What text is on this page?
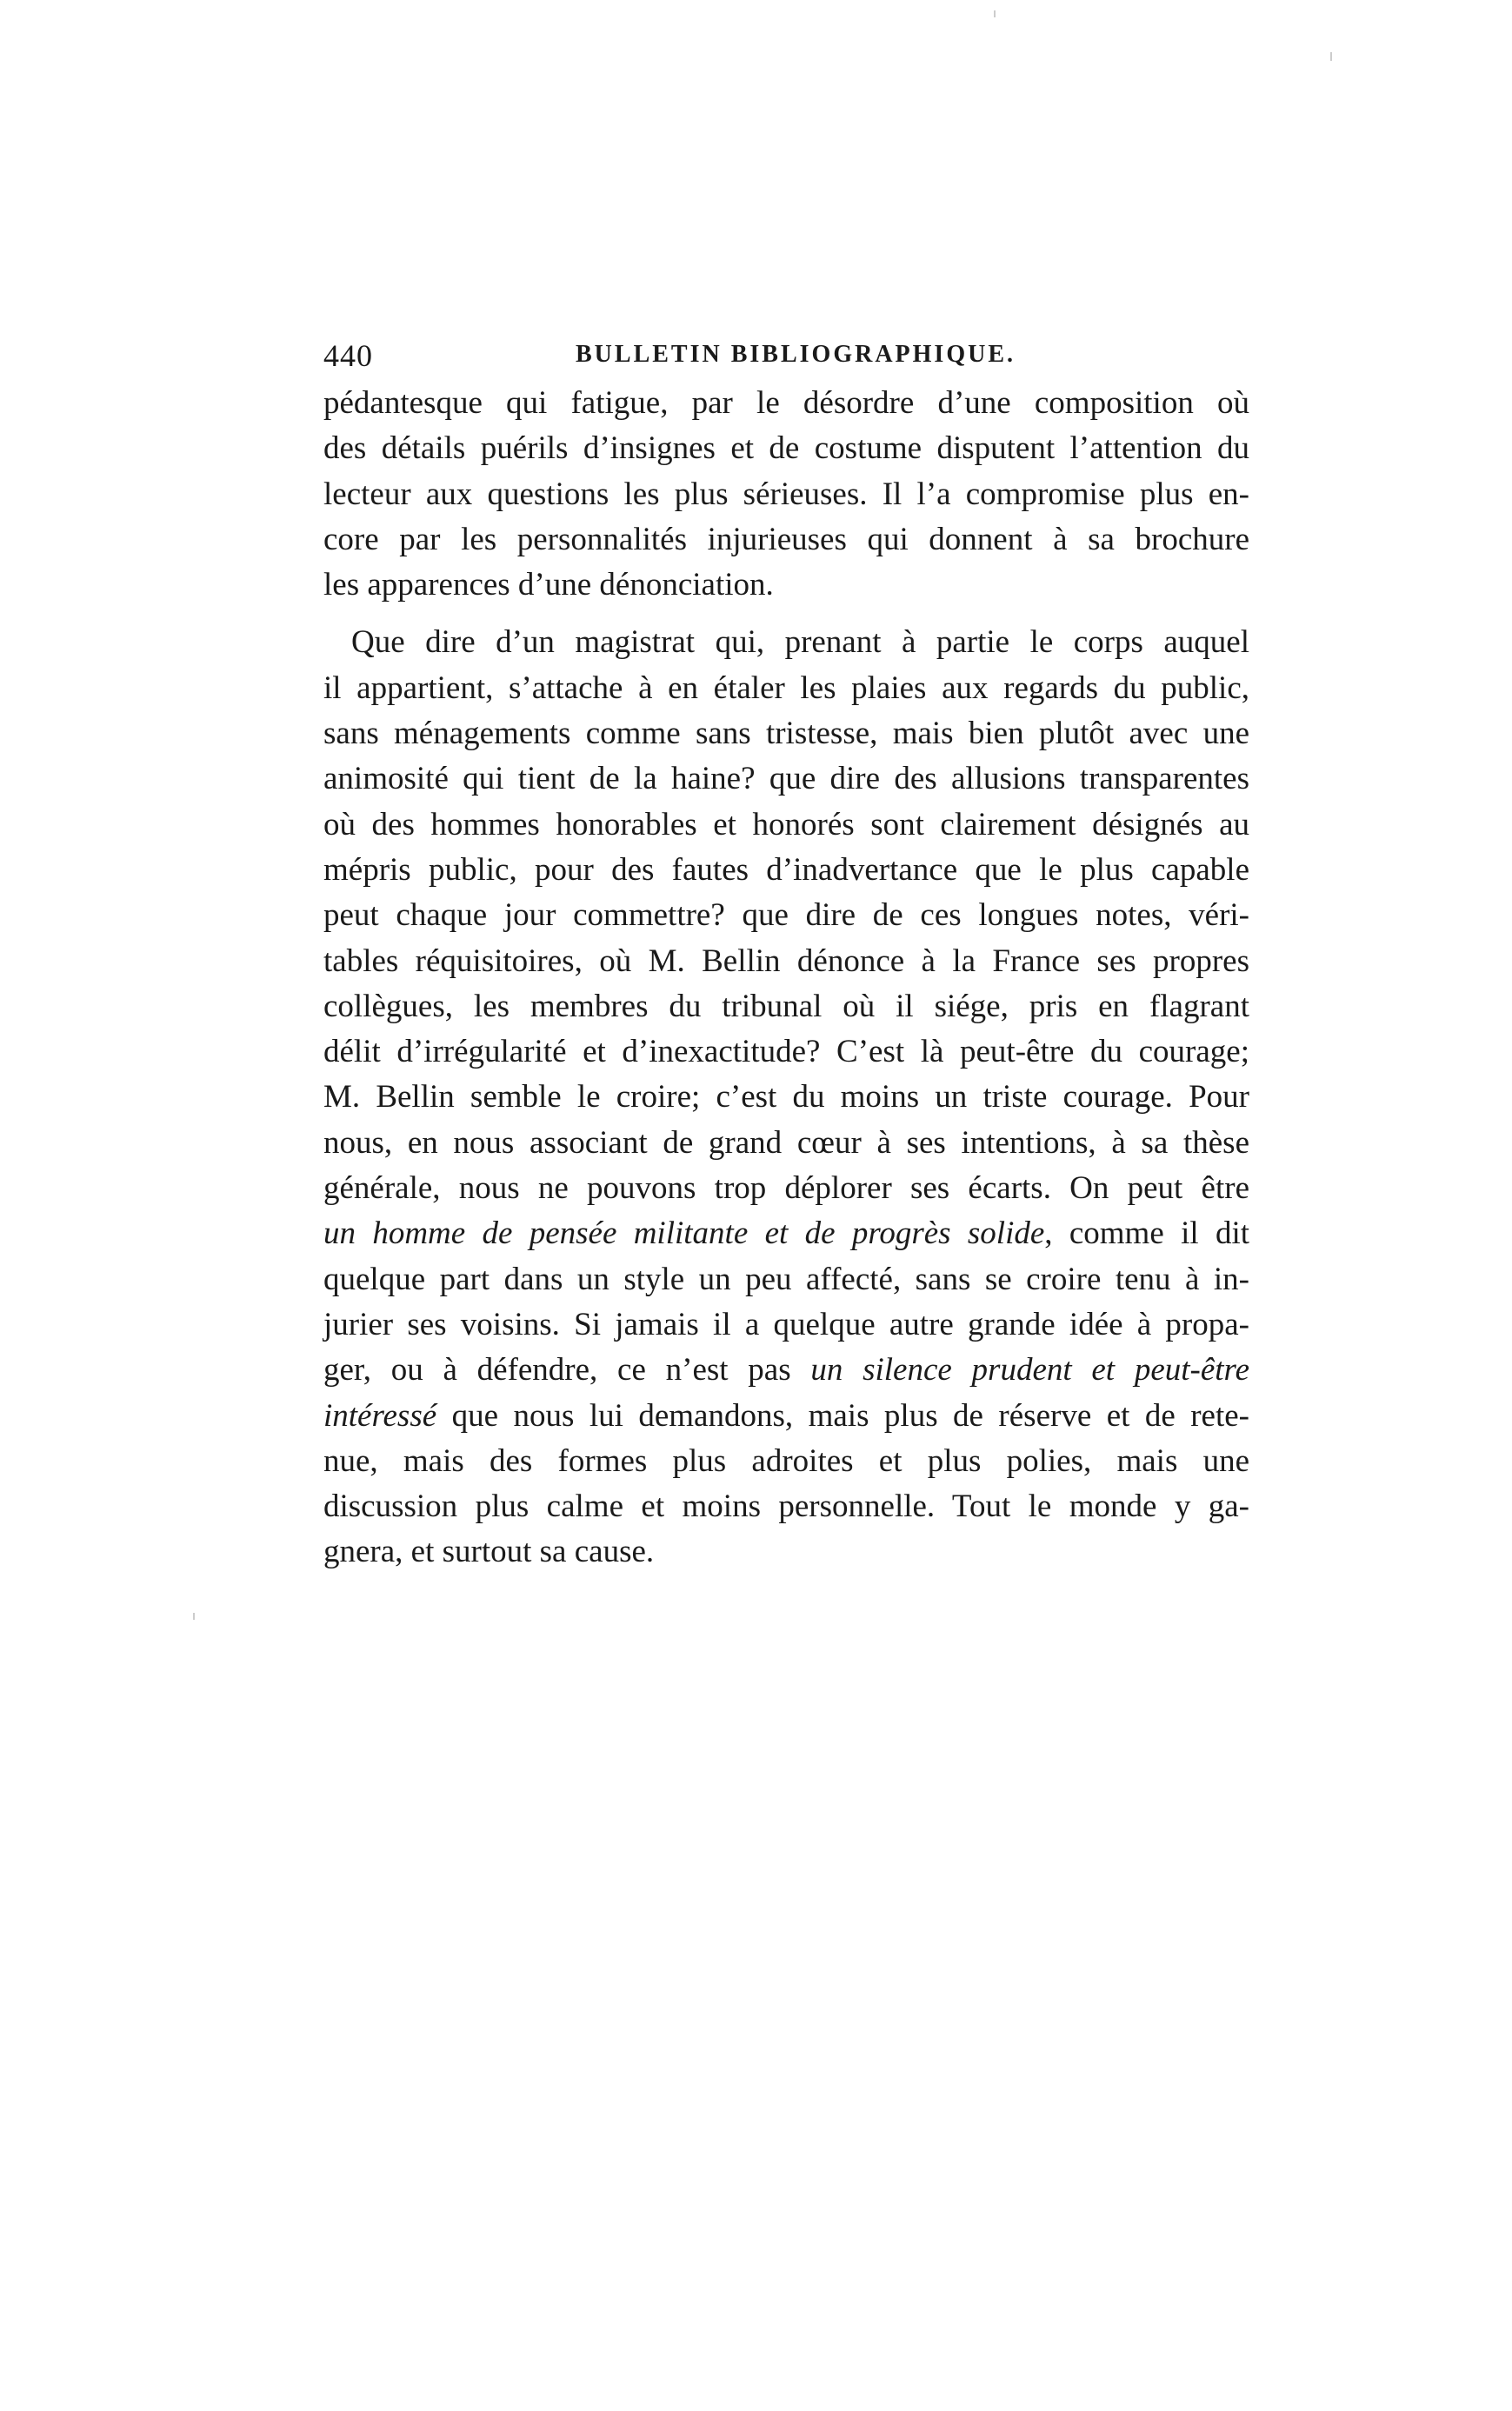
440	BULLETIN BIBLIOGRAPHIQUE.
pédantesque qui fatigue, par le désordre d’une composition où
des détails puérils d’insignes et de costume disputent l’attention du
lecteur aux questions les plus sérieuses. Il l’a compromise plus en-
core par les personnalités injurieuses qui donnent à sa brochure
les apparences d’une dénonciation.
Que dire d’un magistrat qui, prenant à partie le corps auquel
il appartient, s’attache à en étaler les plaies aux regards du public,
sans ménagements comme sans tristesse, mais bien plutôt avec une
animosité qui tient de la haine? que dire des allusions transparentes
où des hommes honorables et honorés sont clairement désignés au
mépris public, pour des fautes d’inadvertance que le plus capable
peut chaque jour commettre? que dire de ces longues notes, véri-
tables réquisitoires, où M. Bellin dénonce à la France ses propres
collègues, les membres du tribunal où il siége, pris en flagrant
délit d’irrégularité et d’inexactitude? C’est là peut-être du courage;
M. Bellin semble le croire; c’est du moins un triste courage. Pour
nous, en nous associant de grand cœur à ses intentions, à sa thèse
générale, nous ne pouvons trop déplorer ses écarts. On peut être
un homme de pensée militante et de progrès solide, comme il dit
quelque part dans un style un peu affecté, sans se croire tenu à in-
jurier ses voisins. Si jamais il a quelque autre grande idée à propa-
ger, ou à défendre, ce n’est pas un silence prudent et peut-être
intéressé que nous lui demandons, mais plus de réserve et de rete-
nue, mais des formes plus adroites et plus polies, mais une
discussion plus calme et moins personnelle. Tout le monde y ga-
gnera, et surtout sa cause.
